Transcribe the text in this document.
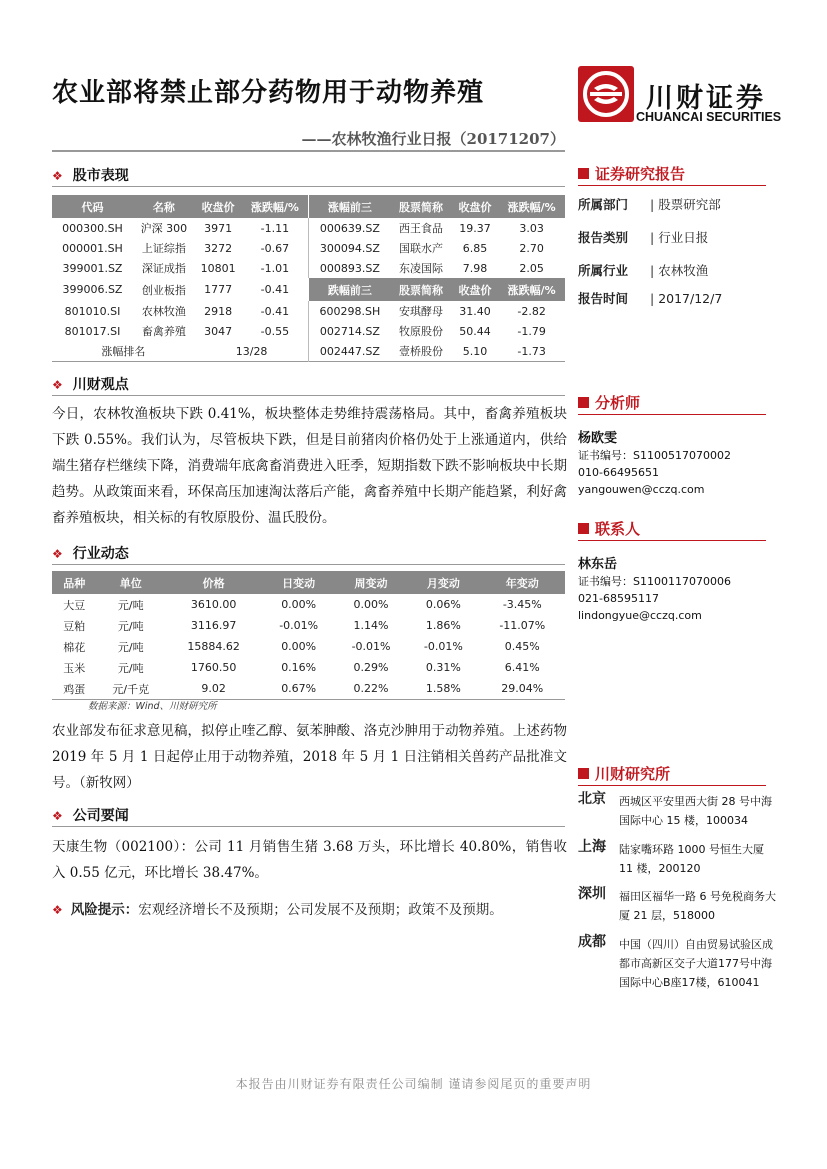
农业部将禁止部分药物用于动物养殖
——农林牧渔行业日报（20171207）
川财证券
CHUANCAI SECURITIES
❖ 股市表现
代码	名称	收盘价	涨跌幅/%	涨幅前三	股票简称	收盘价	涨跌幅/%
000300.SH	沪深 300	3971	-1.11	000639.SZ	西王食品	19.37	3.03
000001.SH	上证综指	3272	-0.67	300094.SZ	国联水产	6.85	2.70
399001.SZ	深证成指	10801	-1.01	000893.SZ	东凌国际	7.98	2.05
399006.SZ	创业板指	1777	-0.41	跌幅前三	股票简称	收盘价	涨跌幅/%
801010.SI	农林牧渔	2918	-0.41	600298.SH	安琪酵母	31.40	-2.82
801017.SI	畜禽养殖	3047	-0.55	002714.SZ	牧原股份	50.44	-1.79
涨幅排名		13/28		002447.SZ	壹桥股份	5.10	-1.73
❖ 川财观点
今日，农林牧渔板块下跌 0.41%，板块整体走势维持震荡格局。其中，畜禽养殖板块下跌 0.55%。我们认为，尽管板块下跌，但是目前猪肉价格仍处于上涨通道内，供给端生猪存栏继续下降，消费端年底禽畜消费进入旺季，短期指数下跌不影响板块中长期趋势。从政策面来看，环保高压加速淘汰落后产能，禽畜养殖中长期产能趋紧，利好禽畜养殖板块，相关标的有牧原股份、温氏股份。
❖ 行业动态
品种	单位	价格	日变动	周变动	月变动	年变动
大豆	元/吨	3610.00	0.00%	0.00%	0.06%	-3.45%
豆粕	元/吨	3116.97	-0.01%	1.14%	1.86%	-11.07%
棉花	元/吨	15884.62	0.00%	-0.01%	-0.01%	0.45%
玉米	元/吨	1760.50	0.16%	0.29%	0.31%	6.41%
鸡蛋	元/千克	9.02	0.67%	0.22%	1.58%	29.04%
数据来源：Wind、川财研究所
农业部发布征求意见稿，拟停止喹乙醇、氨苯胂酸、洛克沙胂用于动物养殖。上述药物 2019 年 5 月 1 日起停止用于动物养殖，2018 年 5 月 1 日注销相关兽药产品批准文号。（新牧网）
❖ 公司要闻
天康生物（002100）：公司 11 月销售生猪 3.68 万头，环比增长 40.80%，销售收入 0.55 亿元，环比增长 38.47%。
❖ 风险提示：宏观经济增长不及预期；公司发展不及预期；政策不及预期。
证券研究报告
所属部门 | 股票研究部
报告类别 | 行业日报
所属行业 | 农林牧渔
报告时间 | 2017/12/7
分析师
杨欧雯
证书编号：S1100517070002
010-66495651
yangouwen@cczq.com
联系人
林东岳
证书编号：S1100117070006
021-68595117
lindongyue@cczq.com
川财研究所
北京 西城区平安里西大街 28 号中海国际中心 15 楼，100034
上海 陆家嘴环路 1000 号恒生大厦 11 楼，200120
深圳 福田区福华一路 6 号免税商务大厦 21 层，518000
成都 中国（四川）自由贸易试验区成都市高新区交子大道177号中海国际中心B座17楼，610041
本报告由川财证券有限责任公司编制 谨请参阅尾页的重要声明
